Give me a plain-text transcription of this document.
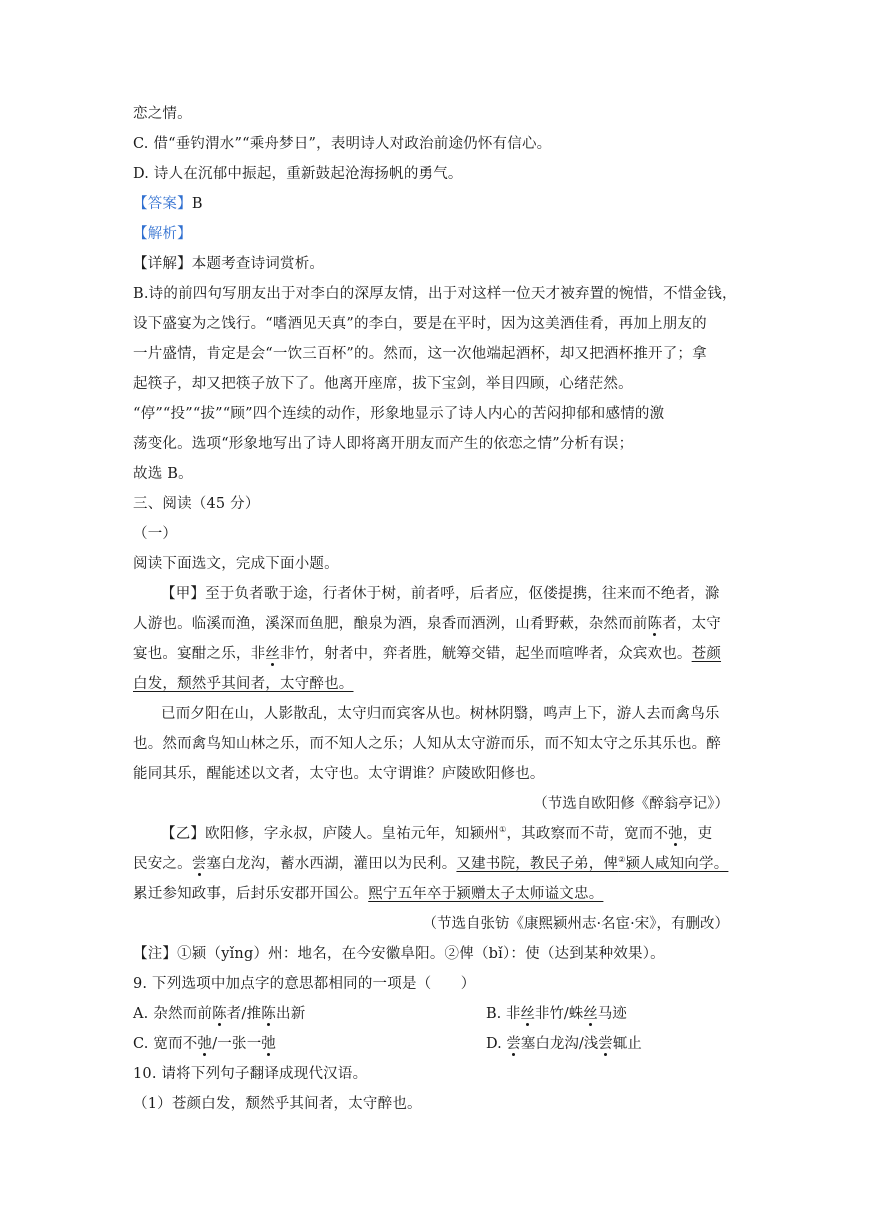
恋之情。
C. 借“垂钓渭水”“乘舟梦日”，表明诗人对政治前途仍怀有信心。
D. 诗人在沉郁中振起，重新鼓起沧海扬帆的勇气。
【答案】B
【解析】
【详解】本题考查诗词赏析。
B.诗的前四句写朋友出于对李白的深厚友情，出于对这样一位天才被弃置的惋惜，不惜金钱，
设下盛宴为之饯行。“嗜酒见天真”的李白，要是在平时，因为这美酒佳肴，再加上朋友的
一片盛情，肯定是会“一饮三百杯”的。然而，这一次他端起酒杯，却又把酒杯推开了；拿
起筷子，却又把筷子放下了。他离开座席，拔下宝剑，举目四顾，心绪茫然。
“停”“投”“拔”“顾”四个连续的动作，形象地显示了诗人内心的苦闷抑郁和感情的激
荡变化。选项“形象地写出了诗人即将离开朋友而产生的依恋之情”分析有误；
故选 B。
三、阅读（45 分）
（一）
阅读下面选文，完成下面小题。
【甲】至于负者歌于途，行者休于树，前者呼，后者应，伛偻提携，往来而不绝者，滁
人游也。临溪而渔，溪深而鱼肥，酿泉为酒，泉香而酒洌，山肴野蔌，杂然而前陈者，太守
宴也。宴酣之乐，非丝非竹，射者中，弈者胜，觥筹交错，起坐而喧哗者，众宾欢也。苍颜
白发，颓然乎其间者，太守醉也。
已而夕阳在山，人影散乱，太守归而宾客从也。树林阴翳，鸣声上下，游人去而禽鸟乐
也。然而禽鸟知山林之乐，而不知人之乐；人知从太守游而乐，而不知太守之乐其乐也。醉
能同其乐，醒能述以文者，太守也。太守谓谁？庐陵欧阳修也。
（节选自欧阳修《醉翁亭记》）
【乙】欧阳修，字永叔，庐陵人。皇祐元年，知颍州①，其政察而不苛，宽而不弛，吏
民安之。尝塞白龙沟，蓄水西湖，灌田以为民利。又建书院，教民子弟，俾②颍人咸知向学。
累迁参知政事，后封乐安郡开国公。熙宁五年卒于颍赠太子太师谥文忠。
（节选自张钫《康熙颍州志·名宦·宋》，有删改）
【注】①颍（yǐng）州：地名，在今安徽阜阳。②俾（bǐ）：使（达到某种效果）。
9. 下列选项中加点字的意思都相同的一项是（　　）
A. 杂然而前陈者/推陈出新	B. 非丝非竹/蛛丝马迹
C. 宽而不弛/一张一弛	D. 尝塞白龙沟/浅尝辄止
10. 请将下列句子翻译成现代汉语。
（1）苍颜白发，颓然乎其间者，太守醉也。
